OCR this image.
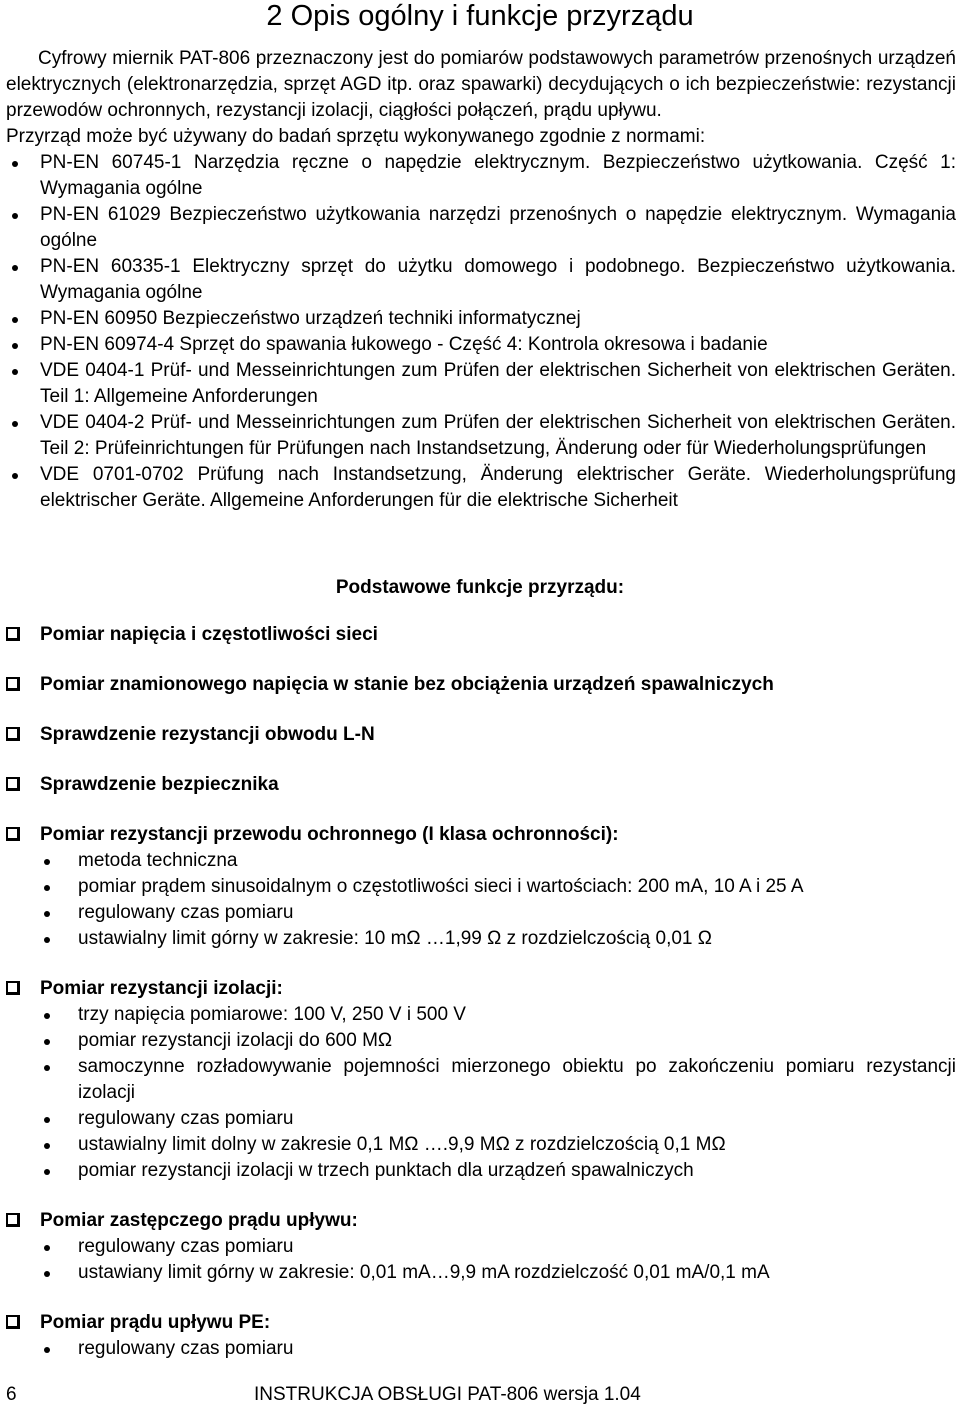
2 Opis ogólny i funkcje przyrządu

Cyfrowy miernik PAT-806 przeznaczony jest do pomiarów podstawowych parametrów przenośnych urządzeń elektrycznych (elektronarzędzia, sprzęt AGD itp. oraz spawarki) decydujących o ich bezpieczeństwie: rezystancji przewodów ochronnych, rezystancji izolacji, ciągłości połączeń, prądu upływu.

Przyrząd może być używany do badań sprzętu wykonywanego zgodnie z normami:

PN-EN 60745-1 Narzędzia ręczne o napędzie elektrycznym. Bezpieczeństwo użytkowania. Część 1: Wymagania ogólne
PN-EN 61029 Bezpieczeństwo użytkowania narzędzi przenośnych o napędzie elektrycznym. Wymagania ogólne
PN-EN 60335-1 Elektryczny sprzęt do użytku domowego i podobnego. Bezpieczeństwo użytkowania. Wymagania ogólne
PN-EN 60950 Bezpieczeństwo urządzeń techniki informatycznej
PN-EN 60974-4 Sprzęt do spawania łukowego - Część 4: Kontrola okresowa i badanie
VDE 0404-1 Prüf- und Messeinrichtungen zum Prüfen der elektrischen Sicherheit von elektrischen Geräten. Teil 1: Allgemeine Anforderungen
VDE 0404-2 Prüf- und Messeinrichtungen zum Prüfen der elektrischen Sicherheit von elektrischen Geräten. Teil 2: Prüfeinrichtungen für Prüfungen nach Instandsetzung, Änderung oder für Wiederholungsprüfungen
VDE 0701-0702 Prüfung nach Instandsetzung, Änderung elektrischer Geräte. Wiederholungsprüfung elektrischer Geräte. Allgemeine Anforderungen für die elektrische Sicherheit
Podstawowe funkcje przyrządu:
Pomiar napięcia i częstotliwości sieci
Pomiar znamionowego napięcia w stanie bez obciążenia urządzeń spawalniczych
Sprawdzenie rezystancji obwodu L-N
Sprawdzenie bezpiecznika
Pomiar rezystancji przewodu ochronnego (I klasa ochronności):
metoda techniczna
pomiar prądem sinusoidalnym o częstotliwości sieci i wartościach: 200 mA, 10 A i 25 A
regulowany czas pomiaru
ustawialny limit górny w zakresie: 10 mΩ …1,99 Ω z rozdzielczością 0,01 Ω
Pomiar rezystancji izolacji:
trzy napięcia pomiarowe: 100 V, 250 V i 500 V
pomiar rezystancji izolacji do 600 MΩ
samoczynne rozładowywanie pojemności mierzonego obiektu po zakończeniu pomiaru rezystancji izolacji
regulowany czas pomiaru
ustawialny limit dolny w zakresie 0,1 MΩ ….9,9 MΩ z rozdzielczością 0,1 MΩ
pomiar rezystancji izolacji w trzech punktach dla urządzeń spawalniczych
Pomiar zastępczego prądu upływu:
regulowany czas pomiaru
ustawiany limit górny w zakresie: 0,01 mA…9,9 mA rozdzielczość 0,01 mA/0,1 mA
Pomiar prądu upływu PE:
regulowany czas pomiaru
6	INSTRUKCJA OBSŁUGI PAT-806 wersja 1.04
